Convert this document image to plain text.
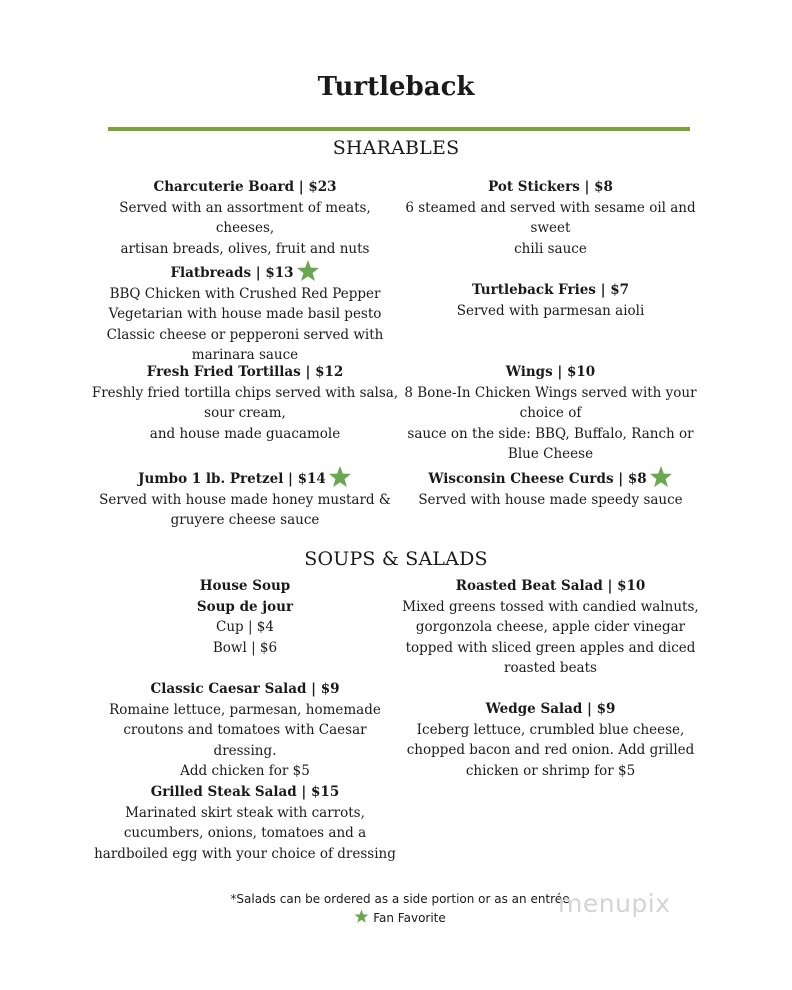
Turtleback
SHARABLES
Charcuterie Board | $23
Served with an assortment of meats, cheeses,
artisan breads, olives, fruit and nuts
Flatbreads | $13
BBQ Chicken with Crushed Red Pepper
Vegetarian with house made basil pesto
Classic cheese or pepperoni served with
marinara sauce
Fresh Fried Tortillas | $12
Freshly fried tortilla chips served with salsa,
sour cream,
and house made guacamole
Jumbo 1 lb. Pretzel | $14
Served with house made honey mustard &
gruyere cheese sauce
Pot Stickers | $8
6 steamed and served with sesame oil and
sweet
chili sauce
Turtleback Fries | $7
Served with parmesan aioli
Wings | $10
8 Bone-In Chicken Wings served with your
choice of
sauce on the side: BBQ, Buffalo, Ranch or
Blue Cheese
Wisconsin Cheese Curds | $8
Served with house made speedy sauce
SOUPS & SALADS
House Soup
Soup de jour
Cup | $4
Bowl | $6
Classic Caesar Salad | $9
Romaine lettuce, parmesan, homemade
croutons and tomatoes with Caesar dressing.
Add chicken for $5
Grilled Steak Salad | $15
Marinated skirt steak with carrots,
cucumbers, onions, tomatoes and a
hardboiled egg with your choice of dressing
Roasted Beat Salad | $10
Mixed greens tossed with candied walnuts,
gorgonzola cheese, apple cider vinegar
topped with sliced green apples and diced
roasted beats
Wedge Salad | $9
Iceberg lettuce, crumbled blue cheese,
chopped bacon and red onion. Add grilled
chicken or shrimp for $5
*Salads can be ordered as a side portion or as an entrée
Fan Favorite	menupix
